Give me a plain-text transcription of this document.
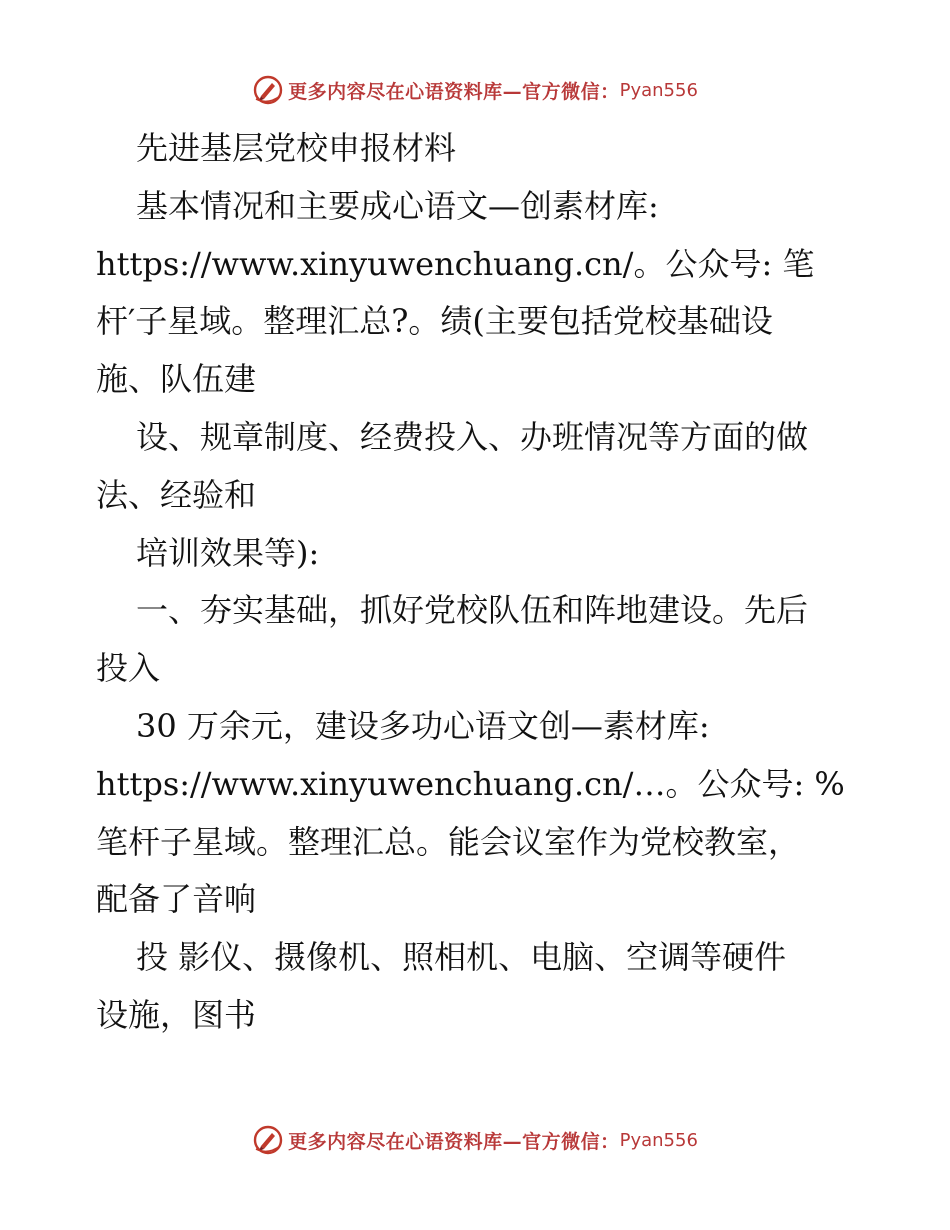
更多内容尽在心语资料库—官方微信： Pyan556
先进基层党校申报材料
基本情况和主要成心语文—创素材库:
https://www.xinyuwenchuang.cn/。公众号: 笔
杆′子星域。整理汇总?。绩(主要包括党校基础设
施、队伍建
设、规章制度、经费投入、办班情况等方面的做
法、经验和
培训效果等):
一、夯实基础，抓好党校队伍和阵地建设。先后
投入
30 万余元，建设多功心语文创—素材库:
https://www.xinyuwenchuang.cn/…。公众号: %
笔杆子星域。整理汇总。能会议室作为党校教室，
配备了音响
投 影仪、摄像机、照相机、电脑、空调等硬件
设施，图书
更多内容尽在心语资料库—官方微信： Pyan556
